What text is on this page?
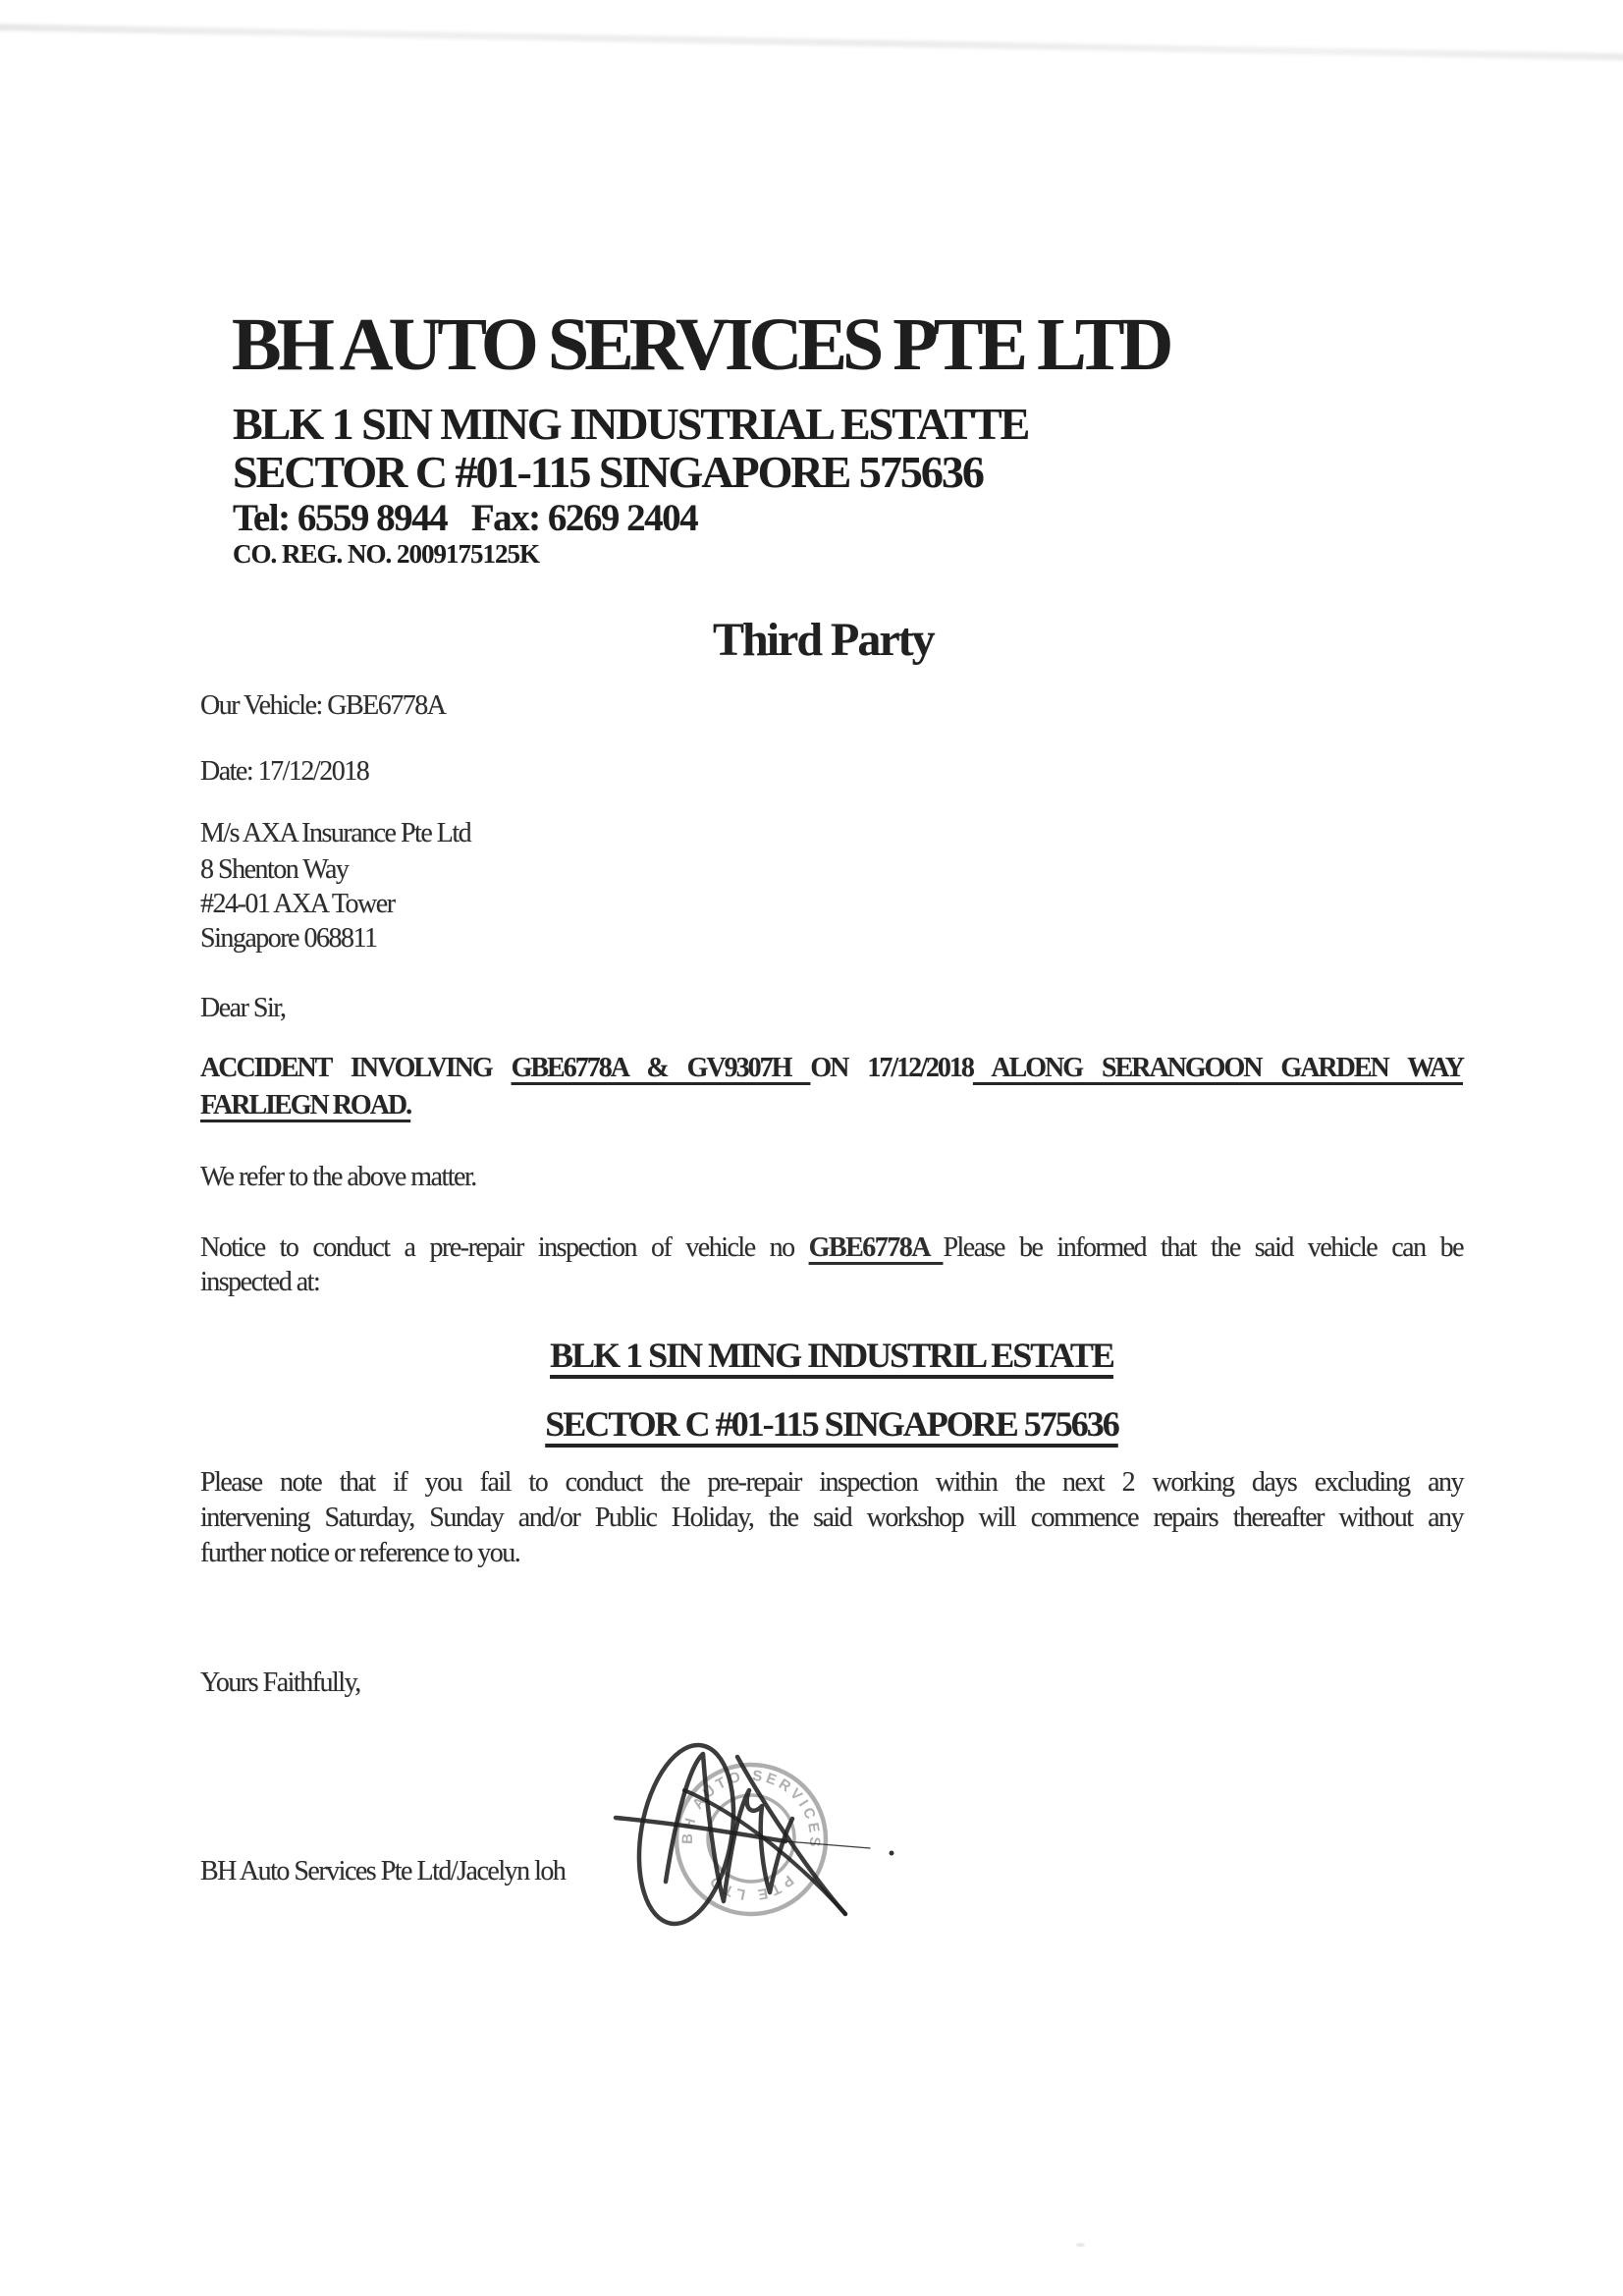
BH AUTO SERVICES PTE LTD
BLK 1 SIN MING INDUSTRIAL ESTATTE
SECTOR C #01-115 SINGAPORE 575636
Tel: 6559 8944   Fax: 6269 2404
CO. REG. NO. 2009175125K
Third Party
Our Vehicle: GBE6778A
Date: 17/12/2018
M/s AXA Insurance Pte Ltd
8 Shenton Way
#24-01 AXA Tower
Singapore 068811
Dear Sir,
ACCIDENT INVOLVING GBE6778A & GV9307H ON 17/12/2018 ALONG SERANGOON GARDEN WAY
FARLIEGN ROAD.
We refer to the above matter.
Notice to conduct a pre-repair inspection of vehicle no GBE6778A Please be informed that the said vehicle can be
inspected at:
BLK 1 SIN MING INDUSTRIL ESTATE
SECTOR C #01-115 SINGAPORE 575636
Please note that if you fail to conduct the pre-repair inspection within the next 2 working days excluding any
intervening Saturday, Sunday and/or Public Holiday, the said workshop will commence repairs thereafter without any
further notice or reference to you.
Yours Faithfully,
BH Auto Services Pte Ltd/Jacelyn loh
BH AUTO SERVICES
PTE LTD
